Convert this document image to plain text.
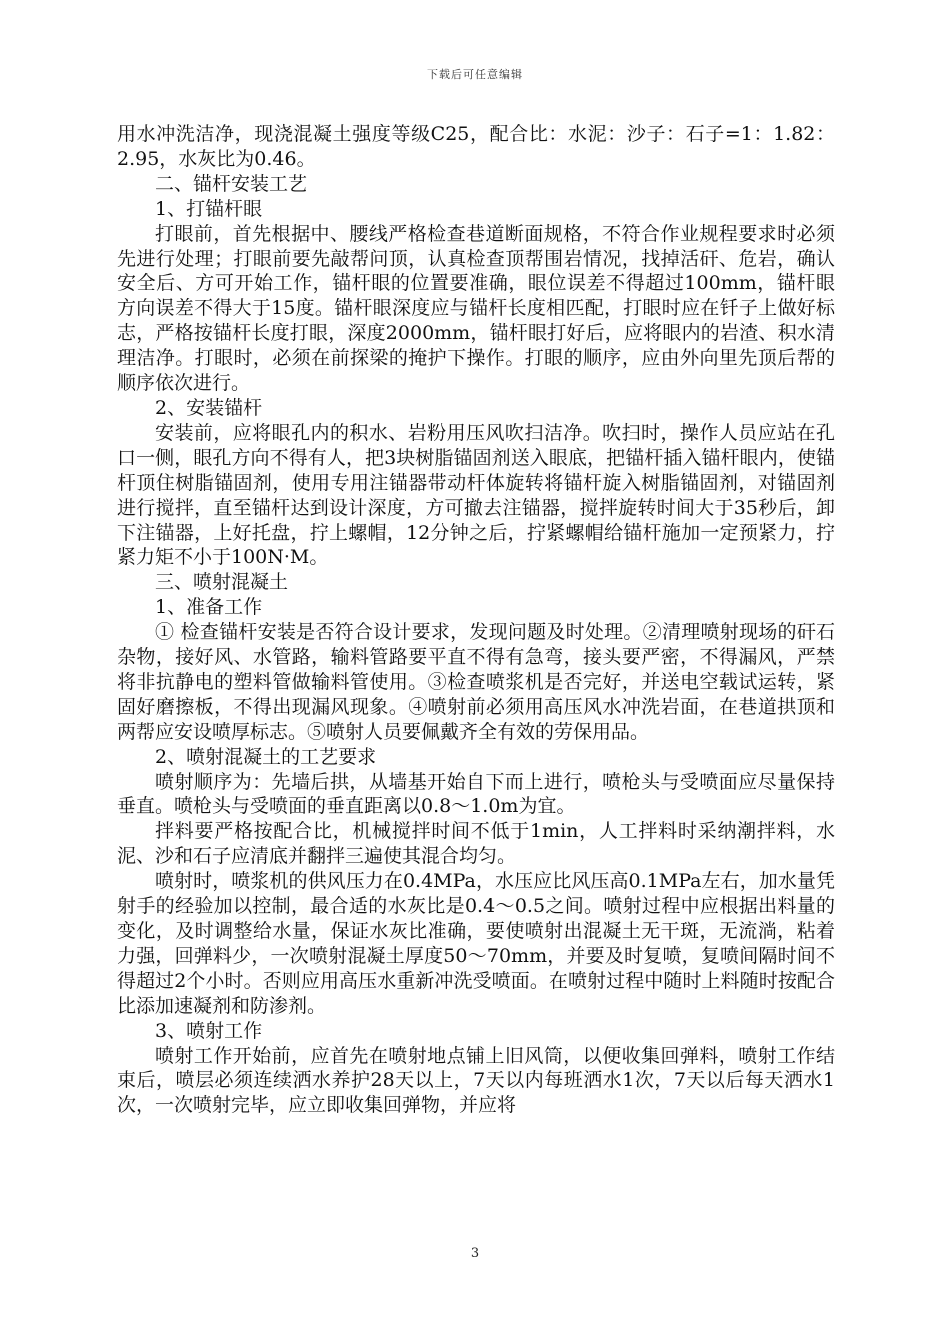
下载后可任意编辑

用水冲洗洁净，现浇混凝土强度等级C25，配合比：水泥：沙子：石子=1：1.82：2.95，水灰比为0.46。

二、锚杆安装工艺

1、打锚杆眼

打眼前，首先根据中、腰线严格检查巷道断面规格，不符合作业规程要求时必须先进行处理；打眼前要先敲帮问顶，认真检查顶帮围岩情况，找掉活矸、危岩，确认安全后、方可开始工作，锚杆眼的位置要准确，眼位误差不得超过100mm，锚杆眼方向误差不得大于15度。锚杆眼深度应与锚杆长度相匹配，打眼时应在钎子上做好标志，严格按锚杆长度打眼，深度2000mm，锚杆眼打好后，应将眼内的岩渣、积水清理洁净。打眼时，必须在前探梁的掩护下操作。打眼的顺序，应由外向里先顶后帮的顺序依次进行。

2、安装锚杆

安装前，应将眼孔内的积水、岩粉用压风吹扫洁净。吹扫时，操作人员应站在孔口一侧，眼孔方向不得有人，把3块树脂锚固剂送入眼底，把锚杆插入锚杆眼内，使锚杆顶住树脂锚固剂，使用专用注锚器带动杆体旋转将锚杆旋入树脂锚固剂，对锚固剂进行搅拌，直至锚杆达到设计深度，方可撤去注锚器，搅拌旋转时间大于35秒后，卸下注锚器，上好托盘，拧上螺帽，12分钟之后，拧紧螺帽给锚杆施加一定预紧力，拧紧力矩不小于100N·M。

三、喷射混凝土

1、准备工作

① 检查锚杆安装是否符合设计要求，发现问题及时处理。②清理喷射现场的矸石杂物，接好风、水管路，输料管路要平直不得有急弯，接头要严密，不得漏风，严禁将非抗静电的塑料管做输料管使用。③检查喷浆机是否完好，并送电空载试运转，紧固好磨擦板，不得出现漏风现象。④喷射前必须用高压风水冲洗岩面，在巷道拱顶和两帮应安设喷厚标志。⑤喷射人员要佩戴齐全有效的劳保用品。

2、喷射混凝土的工艺要求

喷射顺序为：先墙后拱，从墙基开始自下而上进行，喷枪头与受喷面应尽量保持垂直。喷枪头与受喷面的垂直距离以0.8～1.0m为宜。

拌料要严格按配合比，机械搅拌时间不低于1min，人工拌料时采纳潮拌料，水泥、沙和石子应清底并翻拌三遍使其混合均匀。

喷射时，喷浆机的供风压力在0.4MPa，水压应比风压高0.1MPa左右，加水量凭射手的经验加以控制，最合适的水灰比是0.4～0.5之间。喷射过程中应根据出料量的变化，及时调整给水量，保证水灰比准确，要使喷射出混凝土无干斑，无流淌，粘着力强，回弹料少，一次喷射混凝土厚度50～70mm，并要及时复喷，复喷间隔时间不得超过2个小时。否则应用高压水重新冲洗受喷面。在喷射过程中随时上料随时按配合比添加速凝剂和防渗剂。

3、喷射工作

喷射工作开始前，应首先在喷射地点铺上旧风筒，以便收集回弹料，喷射工作结束后，喷层必须连续洒水养护28天以上，7天以内每班洒水1次，7天以后每天洒水1次，一次喷射完毕，应立即收集回弹物，并应将

3
